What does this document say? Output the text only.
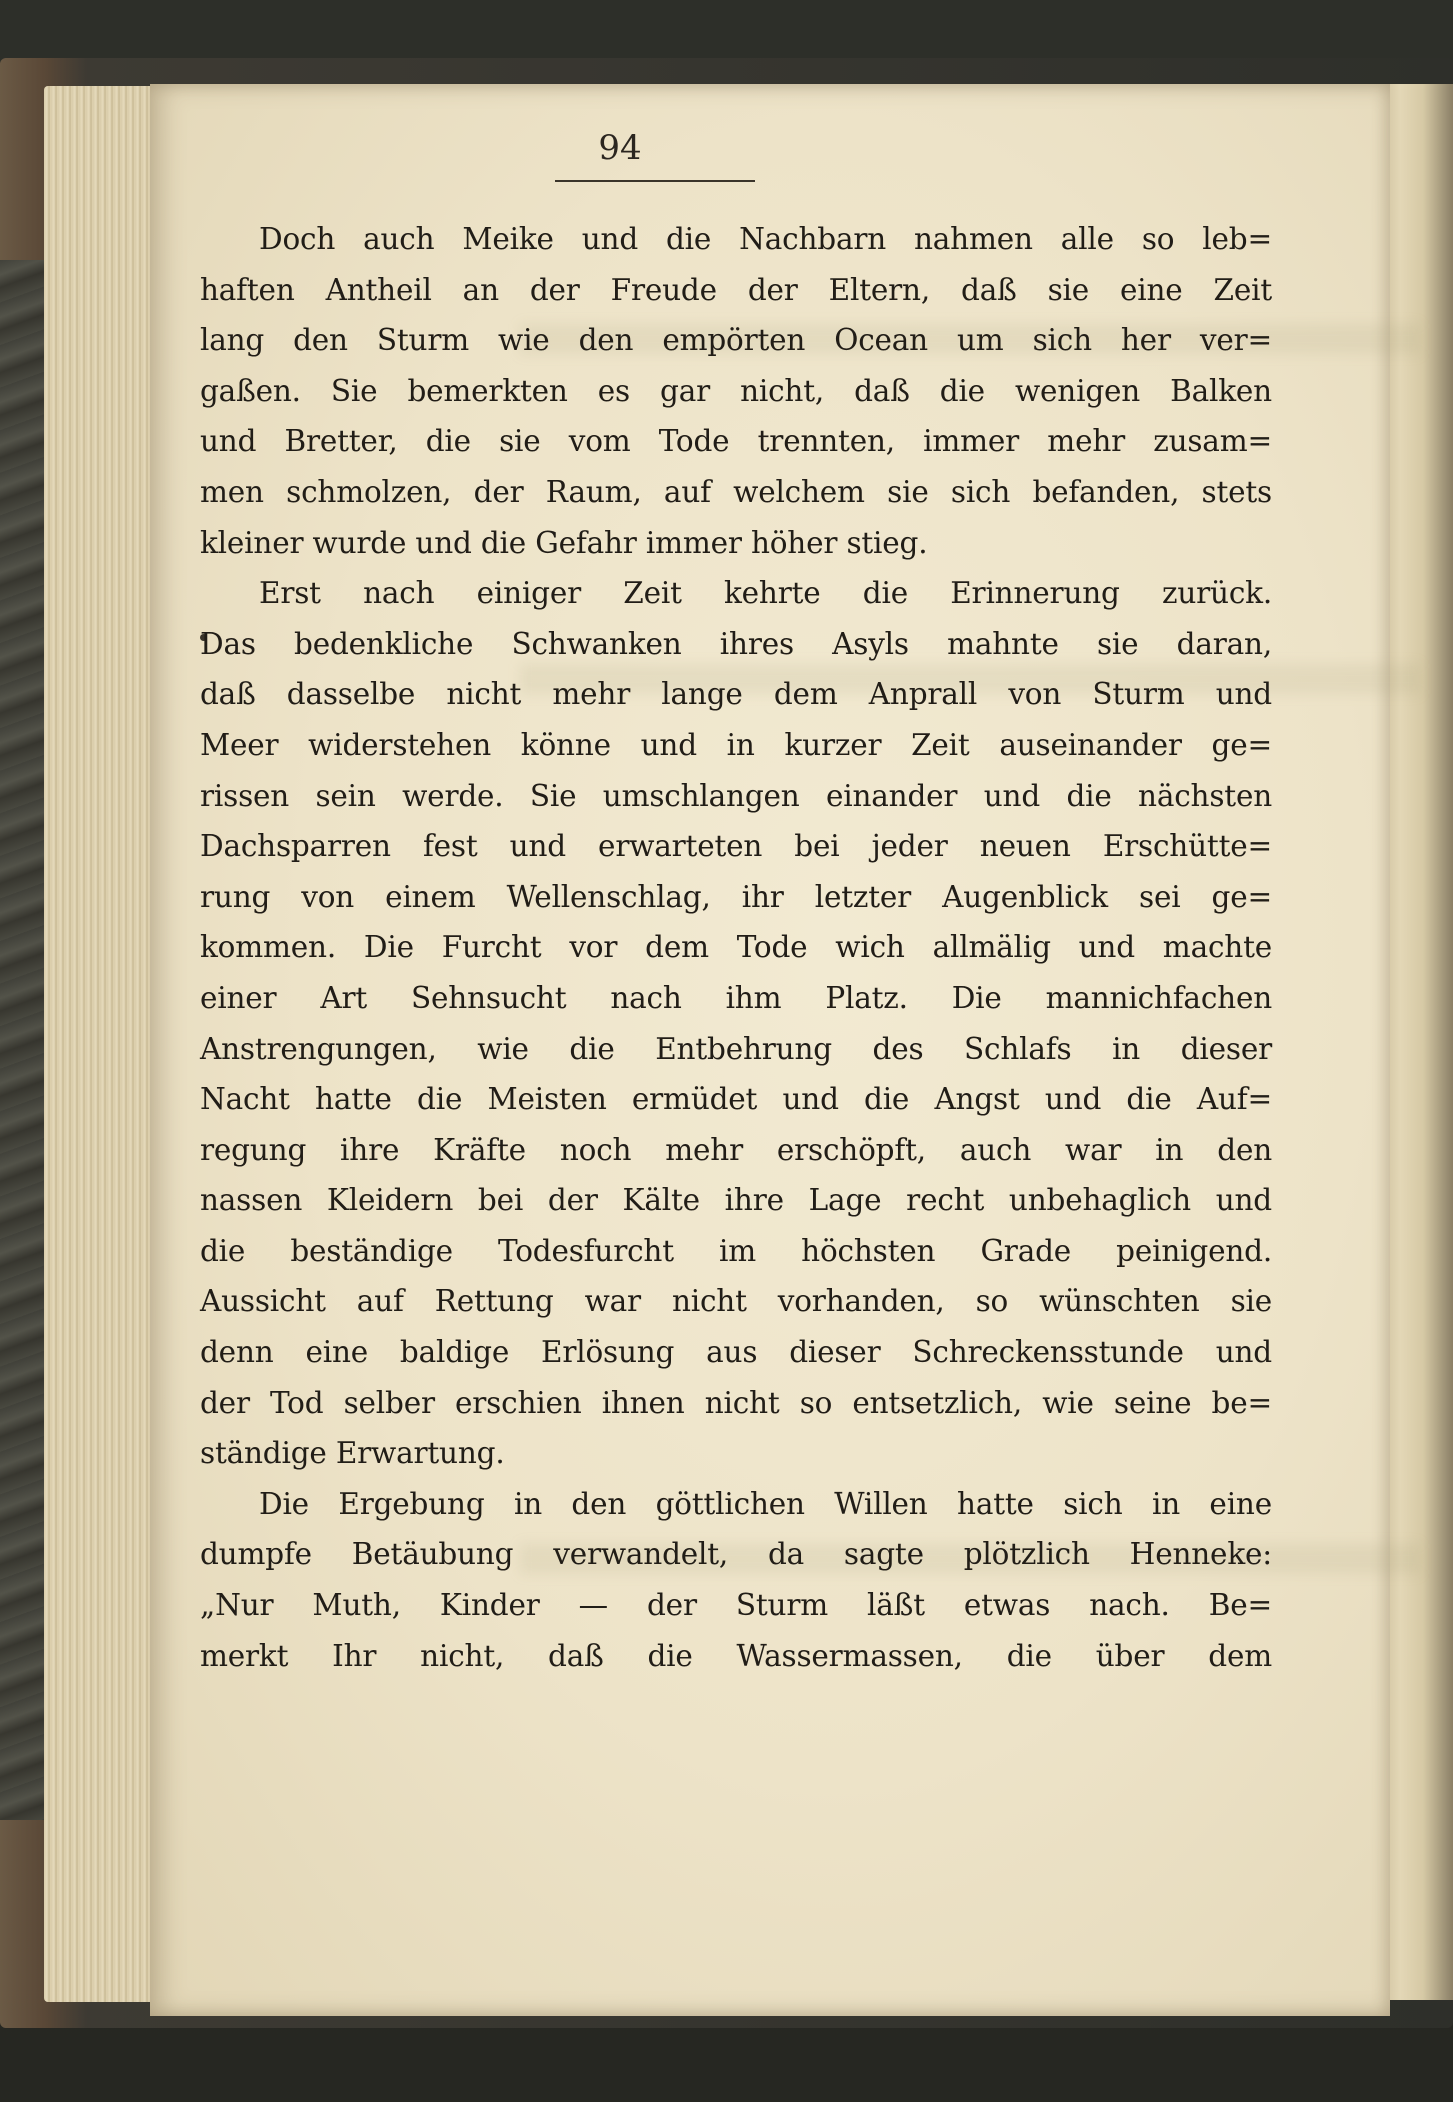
94

Doch auch Meike und die Nachbarn nahmen alle so leb=
haften Antheil an der Freude der Eltern, daß sie eine Zeit
lang den Sturm wie den empörten Ocean um sich her ver=
gaßen. Sie bemerkten es gar nicht, daß die wenigen Balken
und Bretter, die sie vom Tode trennten, immer mehr zusam=
men schmolzen, der Raum, auf welchem sie sich befanden, stets
kleiner wurde und die Gefahr immer höher stieg.

Erst nach einiger Zeit kehrte die Erinnerung zurück.
Das bedenkliche Schwanken ihres Asyls mahnte sie daran,
daß dasselbe nicht mehr lange dem Anprall von Sturm und
Meer widerstehen könne und in kurzer Zeit auseinander ge=
rissen sein werde. Sie umschlangen einander und die nächsten
Dachsparren fest und erwarteten bei jeder neuen Erschütte=
rung von einem Wellenschlag, ihr letzter Augenblick sei ge=
kommen. Die Furcht vor dem Tode wich allmälig und machte
einer Art Sehnsucht nach ihm Platz. Die mannichfachen
Anstrengungen, wie die Entbehrung des Schlafs in dieser
Nacht hatte die Meisten ermüdet und die Angst und die Auf=
regung ihre Kräfte noch mehr erschöpft, auch war in den
nassen Kleidern bei der Kälte ihre Lage recht unbehaglich und
die beständige Todesfurcht im höchsten Grade peinigend.
Aussicht auf Rettung war nicht vorhanden, so wünschten sie
denn eine baldige Erlösung aus dieser Schreckensstunde und
der Tod selber erschien ihnen nicht so entsetzlich, wie seine be=
ständige Erwartung.

Die Ergebung in den göttlichen Willen hatte sich in eine
dumpfe Betäubung verwandelt, da sagte plötzlich Henneke:
„Nur Muth, Kinder — der Sturm läßt etwas nach. Be=
merkt Ihr nicht, daß die Wassermassen, die über dem
